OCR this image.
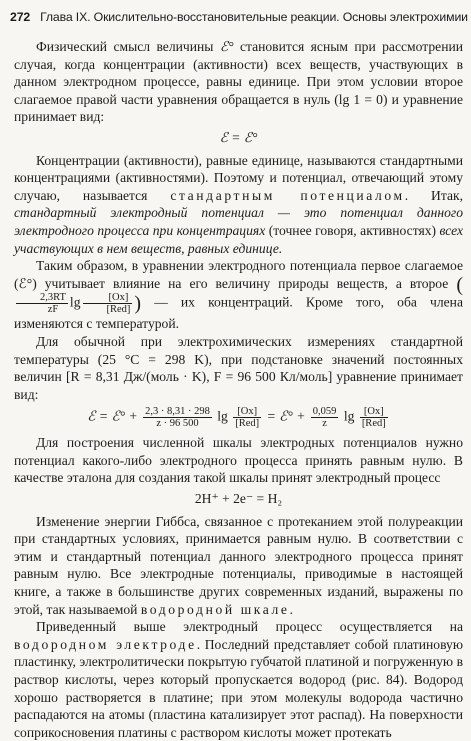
272 Глава IX. Окислительно-восстановительные реакции. Основы электрохимии

Физический смысл величины ℰ° становится ясным при рассмотрении случая, когда концентрации (активности) всех веществ, участвующих в данном электродном процессе, равны единице. При этом условии второе слагаемое правой части уравнения обращается в нуль (lg 1 = 0) и уравнение принимает вид:

ℰ = ℰ°

Концентрации (активности), равные единице, называются стандартными концентрациями (активностями). Поэтому и потенциал, отвечающий этому случаю, называется стандартным потенциалом. Итак, стандартный электродный потенциал — это потенциал данного электродного процесса при концентрациях (точнее говоря, активностях) всех участвующих в нем веществ, равных единице.

Таким образом, в уравнении электродного потенциала первое слагаемое (ℰ°) учитывает влияние на его величину природы веществ, а второе (
$\frac{2,3RT}{zF}$ $\lg \frac{[Ox]}{\text{[Red]}}$ ) — их концентраций. Кроме того, оба члена изменяются с температурой.

Для обычной при электрохимических измерениях стандартной температуры (25 °C = 298 K), при подстановке значений постоянных величин [R = 8,31 Дж/(моль · K), F = 96 500 Кл/моль] уравнение принимает вид:

ℰ = ℰ° + $\frac{2,3 \cdot 8,31 \cdot 298}{z \cdot 96 500}$ $\lg \frac{[Ox]}{\text{[Red]}}$ = ℰ° + $\frac{0,059}{z}$ $\lg \frac{[Ox]}{\text{[Red]}}$

Для построения численной шкалы электродных потенциалов нужно потенциал какого-либо электродного процесса принять равным нулю. В качестве эталона для создания такой шкалы принят электродный процесс

2H⁺ + 2e⁻ = H₂

Изменение энергии Гиббса, связанное с протеканием этой полуреакции при стандартных условиях, принимается равным нулю. В соответствии с этим и стандартный потенциал данного электродного процесса принят равным нулю. Все электродные потенциалы, приводимые в настоящей книге, а также в большинстве других современных изданий, выражены по этой, так называемой водородной шкале.

Приведенный выше электродный процесс осуществляется на водородном электроде. Последний представляет собой платиновую пластинку, электролитически покрытую губчатой платиной и погруженную в раствор кислоты, через который пропускается водород (рис. 84). Водород хорошо растворяется в платине; при этом молекулы водорода частично распадаются на атомы (пластина катализирует этот распад). На поверхности соприкосновения платины с раствором кислоты может протекать
